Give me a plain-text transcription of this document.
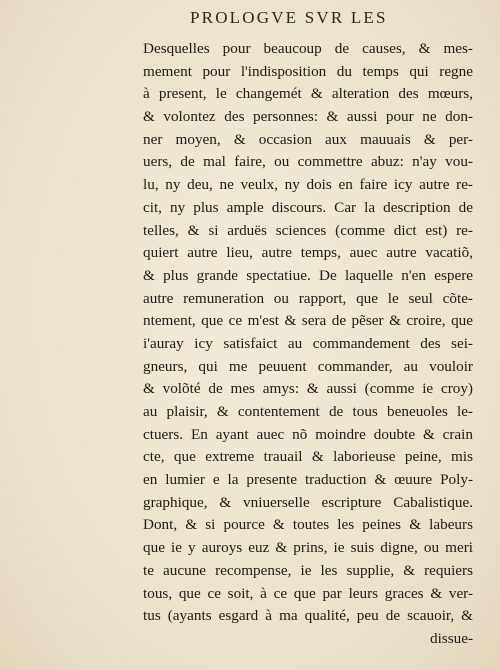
PROLOGVE SVR LES
Desquelles pour beaucoup de causes, & mes-
mement pour l'indisposition du temps qui regne
à present, le changemét & alteration des mœurs,
& volontez des personnes: & aussi pour ne don-
ner moyen, & occasion aux mauuais & per-
uers, de mal faire, ou commettre abuz: n'ay vou-
lu, ny deu, ne veulx, ny dois en faire icy autre re-
cit, ny plus ample discours. Car la description de
telles, & si arduës sciences (comme dict est) re-
quiert autre lieu, autre temps, auec autre vacatiõ,
& plus grande spectatiue. De laquelle n'en espere
autre remuneration ou rapport, que le seul cõte-
ntement, que ce m'est & sera de pẽser & croire, que
i'auray icy satisfaict au commandement des sei-
gneurs, qui me peuuent commander, au vouloir
& volõté de mes amys: & aussi (comme ie croy)
au plaisir, & contentement de tous beneuoles le-
ctuers. En ayant auec nõ moindre doubte & crain
cte, que extreme trauail & laborieuse peine, mis
en lumier e la presente traduction & œuure Poly-
graphique, & vniuerselle escripture Cabalistique.
Dont, & si pource & toutes les peines & labeurs
que ie y auroys euz & prins, ie suis digne, ou meri
te aucune recompense, ie les supplie, & requiers
tous, que ce soit, à ce que par leurs graces & ver-
tus (ayants esgard à ma qualité, peu de scauoir, &
dissue-
